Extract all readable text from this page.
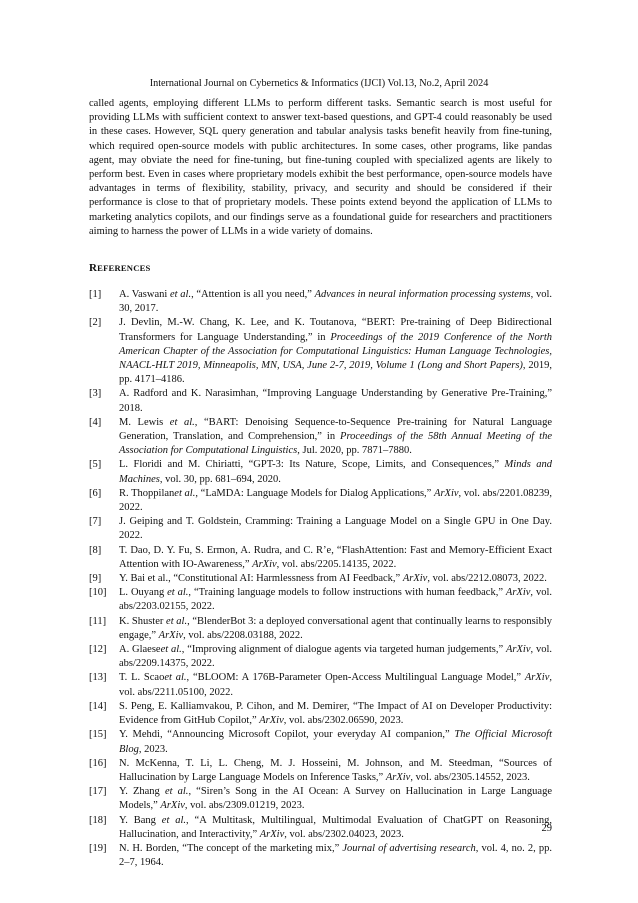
International Journal on Cybernetics & Informatics (IJCI) Vol.13, No.2, April 2024

called agents, employing different LLMs to perform different tasks. Semantic search is most useful for providing LLMs with sufficient context to answer text-based questions, and GPT-4 could reasonably be used in these cases. However, SQL query generation and tabular analysis tasks benefit heavily from fine-tuning, which required open-source models with public architectures. In some cases, other programs, like pandas agent, may obviate the need for fine-tuning, but fine-tuning coupled with specialized agents are likely to perform best. Even in cases where proprietary models exhibit the best performance, open-source models have advantages in terms of flexibility, stability, privacy, and security and should be considered if their performance is close to that of proprietary models. These points extend beyond the application of LLMs to marketing analytics copilots, and our findings serve as a foundational guide for researchers and practitioners aiming to harness the power of LLMs in a wide variety of domains.

REFERENCES
[1]	A. Vaswani et al., “Attention is all you need,” Advances in neural information processing systems, vol. 30, 2017.
[2]	J. Devlin, M.-W. Chang, K. Lee, and K. Toutanova, “BERT: Pre-training of Deep Bidirectional Transformers for Language Understanding,” in Proceedings of the 2019 Conference of the North American Chapter of the Association for Computational Linguistics: Human Language Technologies, NAACL-HLT 2019, Minneapolis, MN, USA, June 2-7, 2019, Volume 1 (Long and Short Papers), 2019, pp. 4171–4186.
[3]	A. Radford and K. Narasimhan, “Improving Language Understanding by Generative Pre-Training,” 2018.
[4]	M. Lewis et al., “BART: Denoising Sequence-to-Sequence Pre-training for Natural Language Generation, Translation, and Comprehension,” in Proceedings of the 58th Annual Meeting of the Association for Computational Linguistics, Jul. 2020, pp. 7871–7880.
[5]	L. Floridi and M. Chiriatti, “GPT-3: Its Nature, Scope, Limits, and Consequences,” Minds and Machines, vol. 30, pp. 681–694, 2020.
[6]	R. Thoppilanet al., “LaMDA: Language Models for Dialog Applications,” ArXiv, vol. abs/2201.08239, 2022.
[7]	J. Geiping and T. Goldstein, Cramming: Training a Language Model on a Single GPU in One Day. 2022.
[8]	T. Dao, D. Y. Fu, S. Ermon, A. Rudra, and C. R’e, “FlashAttention: Fast and Memory-Efficient Exact Attention with IO-Awareness,” ArXiv, vol. abs/2205.14135, 2022.
[9]	Y. Bai et al., “Constitutional AI: Harmlessness from AI Feedback,” ArXiv, vol. abs/2212.08073, 2022.
[10]	L. Ouyang et al., “Training language models to follow instructions with human feedback,” ArXiv, vol. abs/2203.02155, 2022.
[11]	K. Shuster et al., “BlenderBot 3: a deployed conversational agent that continually learns to responsibly engage,” ArXiv, vol. abs/2208.03188, 2022.
[12]	A. Glaeseet al., “Improving alignment of dialogue agents via targeted human judgements,” ArXiv, vol. abs/2209.14375, 2022.
[13]	T. L. Scaoet al., “BLOOM: A 176B-Parameter Open-Access Multilingual Language Model,” ArXiv, vol. abs/2211.05100, 2022.
[14]	S. Peng, E. Kalliamvakou, P. Cihon, and M. Demirer, “The Impact of AI on Developer Productivity: Evidence from GitHub Copilot,” ArXiv, vol. abs/2302.06590, 2023.
[15]	Y. Mehdi, “Announcing Microsoft Copilot, your everyday AI companion,” The Official Microsoft Blog, 2023.
[16]	N. McKenna, T. Li, L. Cheng, M. J. Hosseini, M. Johnson, and M. Steedman, “Sources of Hallucination by Large Language Models on Inference Tasks,” ArXiv, vol. abs/2305.14552, 2023.
[17]	Y. Zhang et al., “Siren’s Song in the AI Ocean: A Survey on Hallucination in Large Language Models,” ArXiv, vol. abs/2309.01219, 2023.
[18]	Y. Bang et al., “A Multitask, Multilingual, Multimodal Evaluation of ChatGPT on Reasoning, Hallucination, and Interactivity,” ArXiv, vol. abs/2302.04023, 2023.
[19]	N. H. Borden, “The concept of the marketing mix,” Journal of advertising research, vol. 4, no. 2, pp. 2–7, 1964.
29
